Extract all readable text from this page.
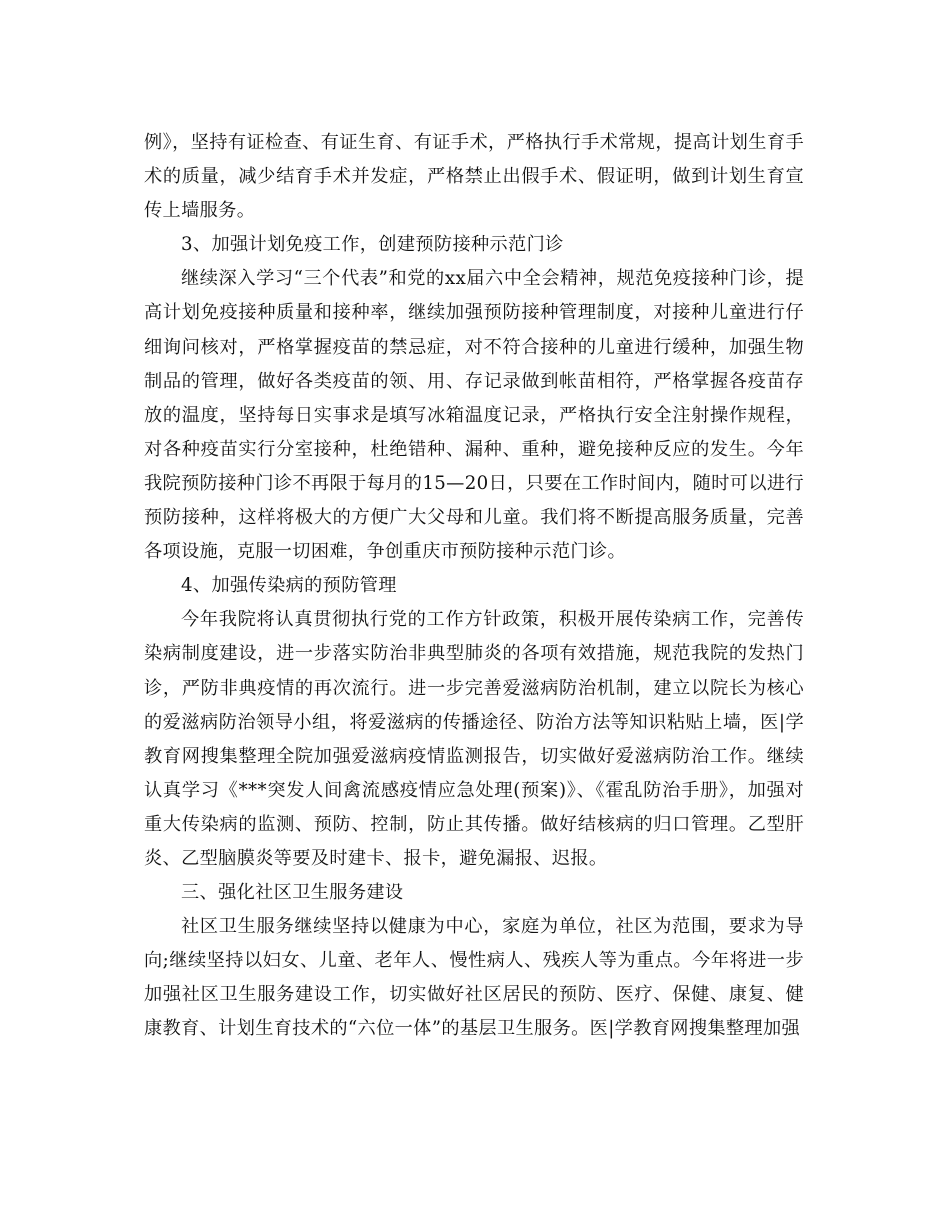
例》，坚持有证检查、有证生育、有证手术，严格执行手术常规，提高计划生育手术的质量，减少结育手术并发症，严格禁止出假手术、假证明，做到计划生育宣传上墙服务。

3、加强计划免疫工作，创建预防接种示范门诊

继续深入学习“三个代表”和党的xx届六中全会精神，规范免疫接种门诊，提高计划免疫接种质量和接种率，继续加强预防接种管理制度，对接种儿童进行仔细询问核对，严格掌握疫苗的禁忌症，对不符合接种的儿童进行缓种，加强生物制品的管理，做好各类疫苗的领、用、存记录做到帐苗相符，严格掌握各疫苗存放的温度，坚持每日实事求是填写冰箱温度记录，严格执行安全注射操作规程，对各种疫苗实行分室接种，杜绝错种、漏种、重种，避免接种反应的发生。今年我院预防接种门诊不再限于每月的15—20日，只要在工作时间内，随时可以进行预防接种，这样将极大的方便广大父母和儿童。我们将不断提高服务质量，完善各项设施，克服一切困难，争创重庆市预防接种示范门诊。

4、加强传染病的预防管理

今年我院将认真贯彻执行党的工作方针政策，积极开展传染病工作，完善传染病制度建设，进一步落实防治非典型肺炎的各项有效措施，规范我院的发热门诊，严防非典疫情的再次流行。进一步完善爱滋病防治机制，建立以院长为核心的爱滋病防治领导小组，将爱滋病的传播途径、防治方法等知识粘贴上墙，医|学教育网搜集整理全院加强爱滋病疫情监测报告，切实做好爱滋病防治工作。继续认真学习《***突发人间禽流感疫情应急处理(预案)》、《霍乱防治手册》，加强对重大传染病的监测、预防、控制，防止其传播。做好结核病的归口管理。乙型肝炎、乙型脑膜炎等要及时建卡、报卡，避免漏报、迟报。

三、强化社区卫生服务建设

社区卫生服务继续坚持以健康为中心，家庭为单位，社区为范围，要求为导向;继续坚持以妇女、儿童、老年人、慢性病人、残疾人等为重点。今年将进一步加强社区卫生服务建设工作，切实做好社区居民的预防、医疗、保健、康复、健康教育、计划生育技术的“六位一体”的基层卫生服务。医|学教育网搜集整理加强
